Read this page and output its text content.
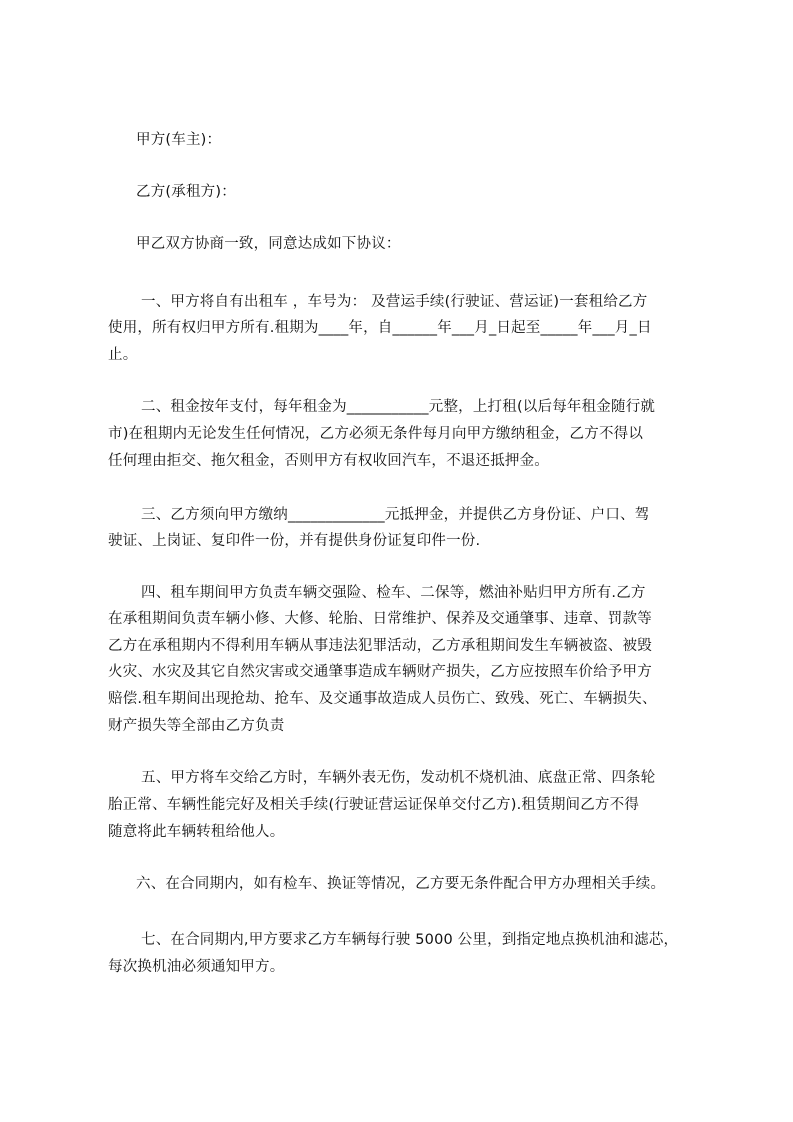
甲方(车主)：
乙方(承租方)：
甲乙双方协商一致，同意达成如下协议：
一、甲方将自有出租车 ，车号为： 及营运手续(行驶证、营运证)一套租给乙方
使用，所有权归甲方所有.租期为____年，自______年___月_日起至_____年___月_日
止。
二、租金按年支付，每年租金为___________元整，上打租(以后每年租金随行就
市)在租期内无论发生任何情况，乙方必须无条件每月向甲方缴纳租金，乙方不得以
任何理由拒交、拖欠租金，否则甲方有权收回汽车，不退还抵押金。
三、乙方须向甲方缴纳_____________元抵押金，并提供乙方身份证、户口、驾
驶证、上岗证、复印件一份，并有提供身份证复印件一份.
四、租车期间甲方负责车辆交强险、检车、二保等，燃油补贴归甲方所有.乙方
在承租期间负责车辆小修、大修、轮胎、日常维护、保养及交通肇事、违章、罚款等
乙方在承租期内不得利用车辆从事违法犯罪活动，乙方承租期间发生车辆被盗、被毁
火灾、水灾及其它自然灾害或交通肇事造成车辆财产损失，乙方应按照车价给予甲方
赔偿.租车期间出现抢劫、抢车、及交通事故造成人员伤亡、致残、死亡、车辆损失、
财产损失等全部由乙方负责
五、甲方将车交给乙方时，车辆外表无伤，发动机不烧机油、底盘正常、四条轮
胎正常、车辆性能完好及相关手续(行驶证营运证保单交付乙方).租赁期间乙方不得
随意将此车辆转租给他人。
六、在合同期内，如有检车、换证等情况，乙方要无条件配合甲方办理相关手续。
七、在合同期内,甲方要求乙方车辆每行驶 5000 公里，到指定地点换机油和滤芯，
每次换机油必须通知甲方。
